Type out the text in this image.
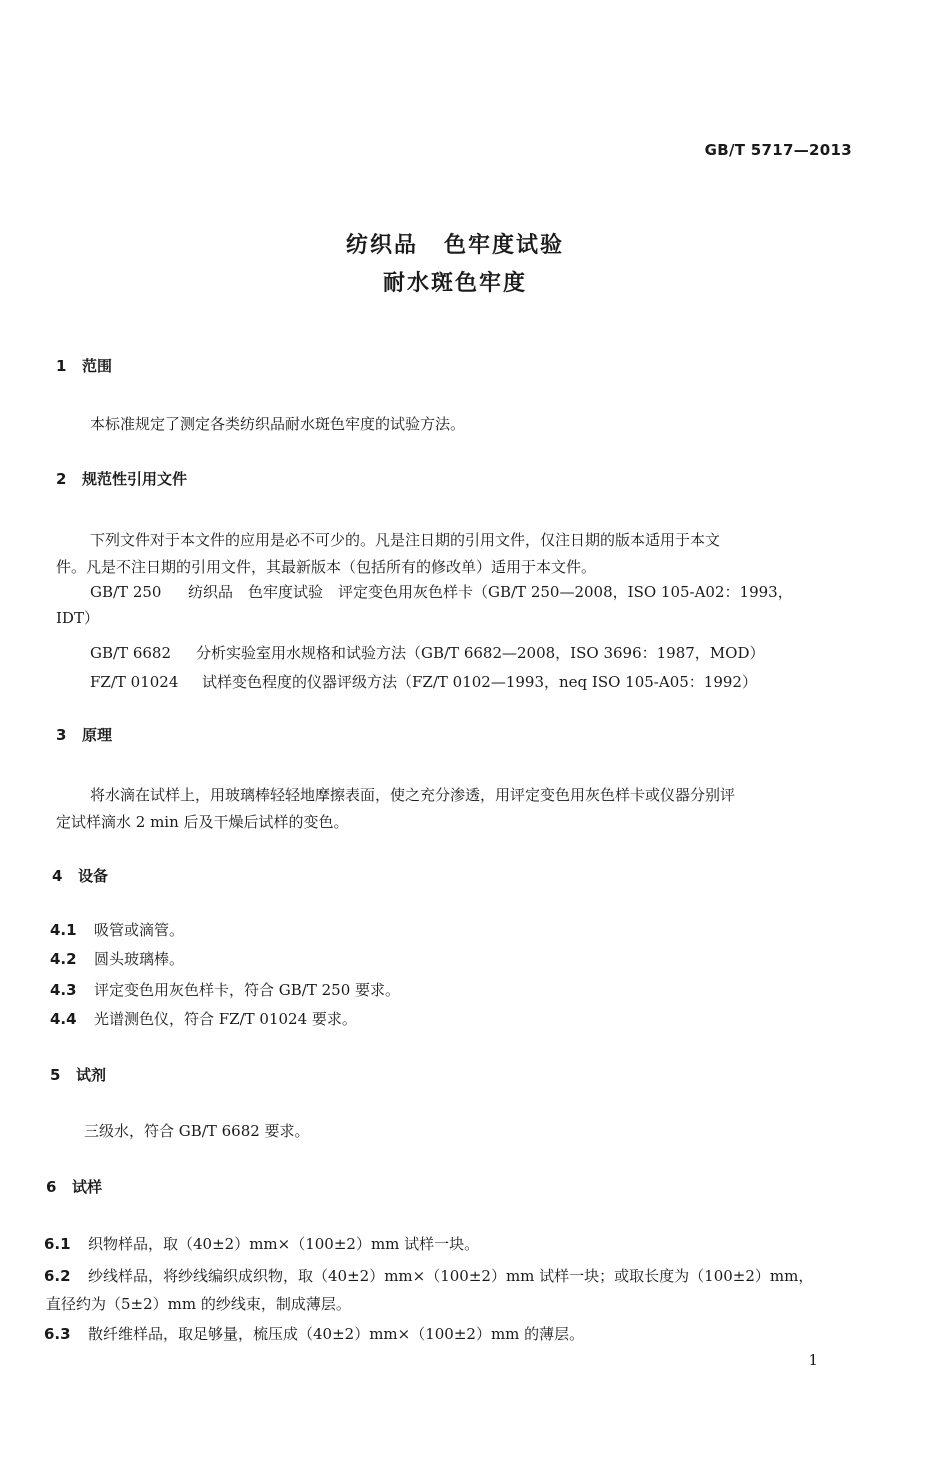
GB/T 5717—2013
纺织品 色牢度试验
耐水斑色牢度
1 范围
本标准规定了测定各类纺织品耐水斑色牢度的试验方法。
2 规范性引用文件
下列文件对于本文件的应用是必不可少的。凡是注日期的引用文件，仅注日期的版本适用于本文
件。凡是不注日期的引用文件，其最新版本（包括所有的修改单）适用于本文件。
GB/T 250 纺织品　色牢度试验　评定变色用灰色样卡（GB/T 250—2008，ISO 105-A02：1993，
IDT）
GB/T 6682 分析实验室用水规格和试验方法（GB/T 6682—2008，ISO 3696：1987，MOD）
FZ/T 01024 试样变色程度的仪器评级方法（FZ/T 0102—1993，neq ISO 105-A05：1992）
3 原理
将水滴在试样上，用玻璃棒轻轻地摩擦表面，使之充分渗透，用评定变色用灰色样卡或仪器分别评
定试样滴水 2 min 后及干燥后试样的变色。
4 设备
4.1 吸管或滴管。
4.2 圆头玻璃棒。
4.3 评定变色用灰色样卡，符合 GB/T 250 要求。
4.4 光谱测色仪，符合 FZ/T 01024 要求。
5 试剂
三级水，符合 GB/T 6682 要求。
6 试样
6.1 织物样品，取（40±2）mm×（100±2）mm 试样一块。
6.2 纱线样品，将纱线编织成织物，取（40±2）mm×（100±2）mm 试样一块；或取长度为（100±2）mm，
直径约为（5±2）mm 的纱线束，制成薄层。
6.3 散纤维样品，取足够量，梳压成（40±2）mm×（100±2）mm 的薄层。
1
